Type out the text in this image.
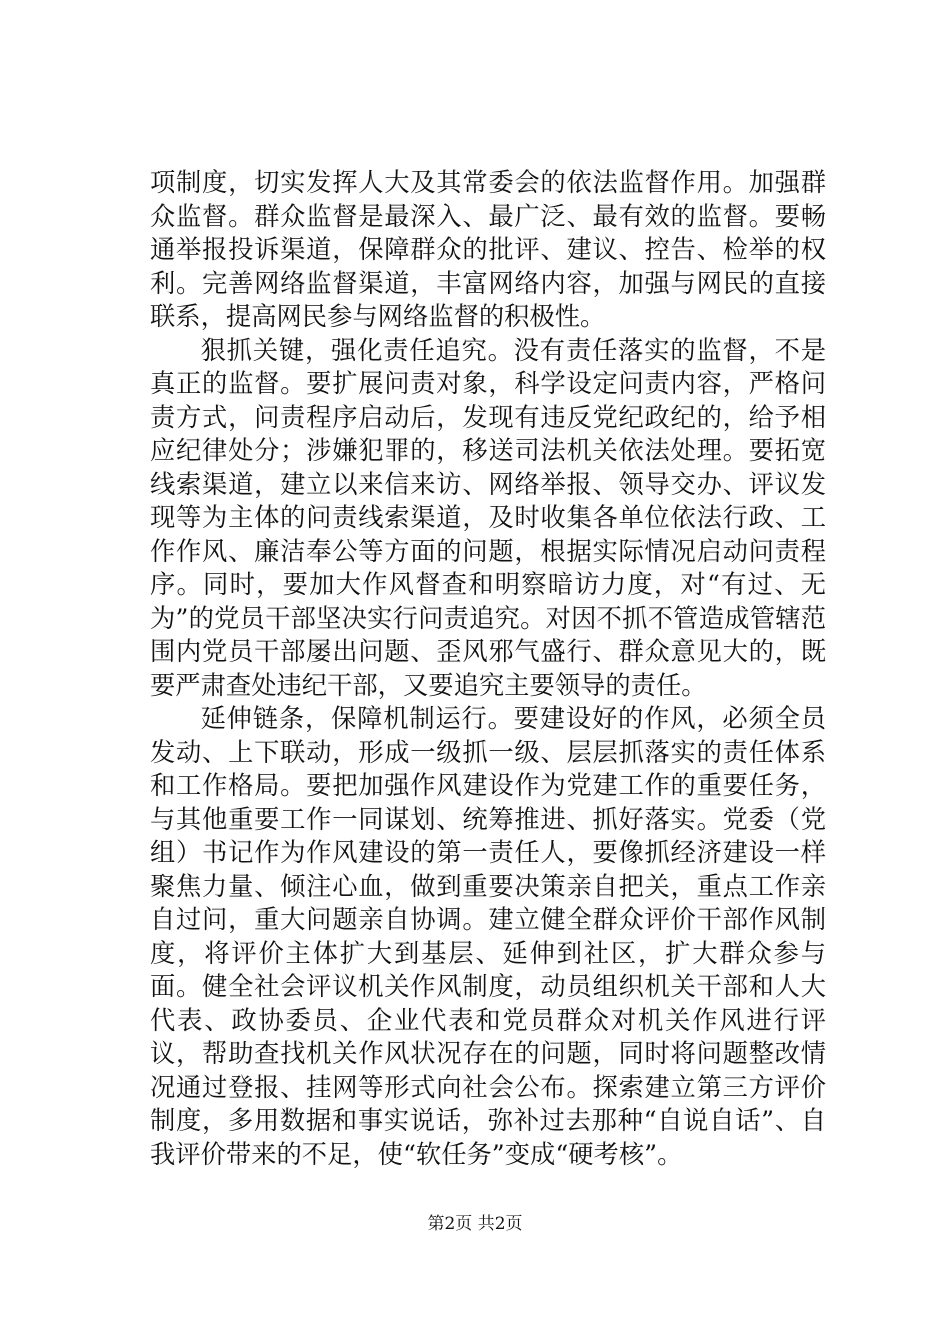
项制度，切实发挥人大及其常委会的依法监督作用。加强群众监督。群众监督是最深入、最广泛、最有效的监督。要畅通举报投诉渠道，保障群众的批评、建议、控告、检举的权利。完善网络监督渠道，丰富网络内容，加强与网民的直接联系，提高网民参与网络监督的积极性。

狠抓关键，强化责任追究。没有责任落实的监督，不是真正的监督。要扩展问责对象，科学设定问责内容，严格问责方式，问责程序启动后，发现有违反党纪政纪的，给予相应纪律处分；涉嫌犯罪的，移送司法机关依法处理。要拓宽线索渠道，建立以来信来访、网络举报、领导交办、评议发现等为主体的问责线索渠道，及时收集各单位依法行政、工作作风、廉洁奉公等方面的问题，根据实际情况启动问责程序。同时，要加大作风督查和明察暗访力度，对“有过、无为”的党员干部坚决实行问责追究。对因不抓不管造成管辖范围内党员干部屡出问题、歪风邪气盛行、群众意见大的，既要严肃查处违纪干部，又要追究主要领导的责任。

延伸链条，保障机制运行。要建设好的作风，必须全员发动、上下联动，形成一级抓一级、层层抓落实的责任体系和工作格局。要把加强作风建设作为党建工作的重要任务，与其他重要工作一同谋划、统筹推进、抓好落实。党委（党组）书记作为作风建设的第一责任人，要像抓经济建设一样聚焦力量、倾注心血，做到重要决策亲自把关，重点工作亲自过问，重大问题亲自协调。建立健全群众评价干部作风制度，将评价主体扩大到基层、延伸到社区，扩大群众参与面。健全社会评议机关作风制度，动员组织机关干部和人大代表、政协委员、企业代表和党员群众对机关作风进行评议，帮助查找机关作风状况存在的问题，同时将问题整改情况通过登报、挂网等形式向社会公布。探索建立第三方评价制度，多用数据和事实说话，弥补过去那种“自说自话”、自我评价带来的不足，使“软任务”变成“硬考核”。

第2页 共2页
